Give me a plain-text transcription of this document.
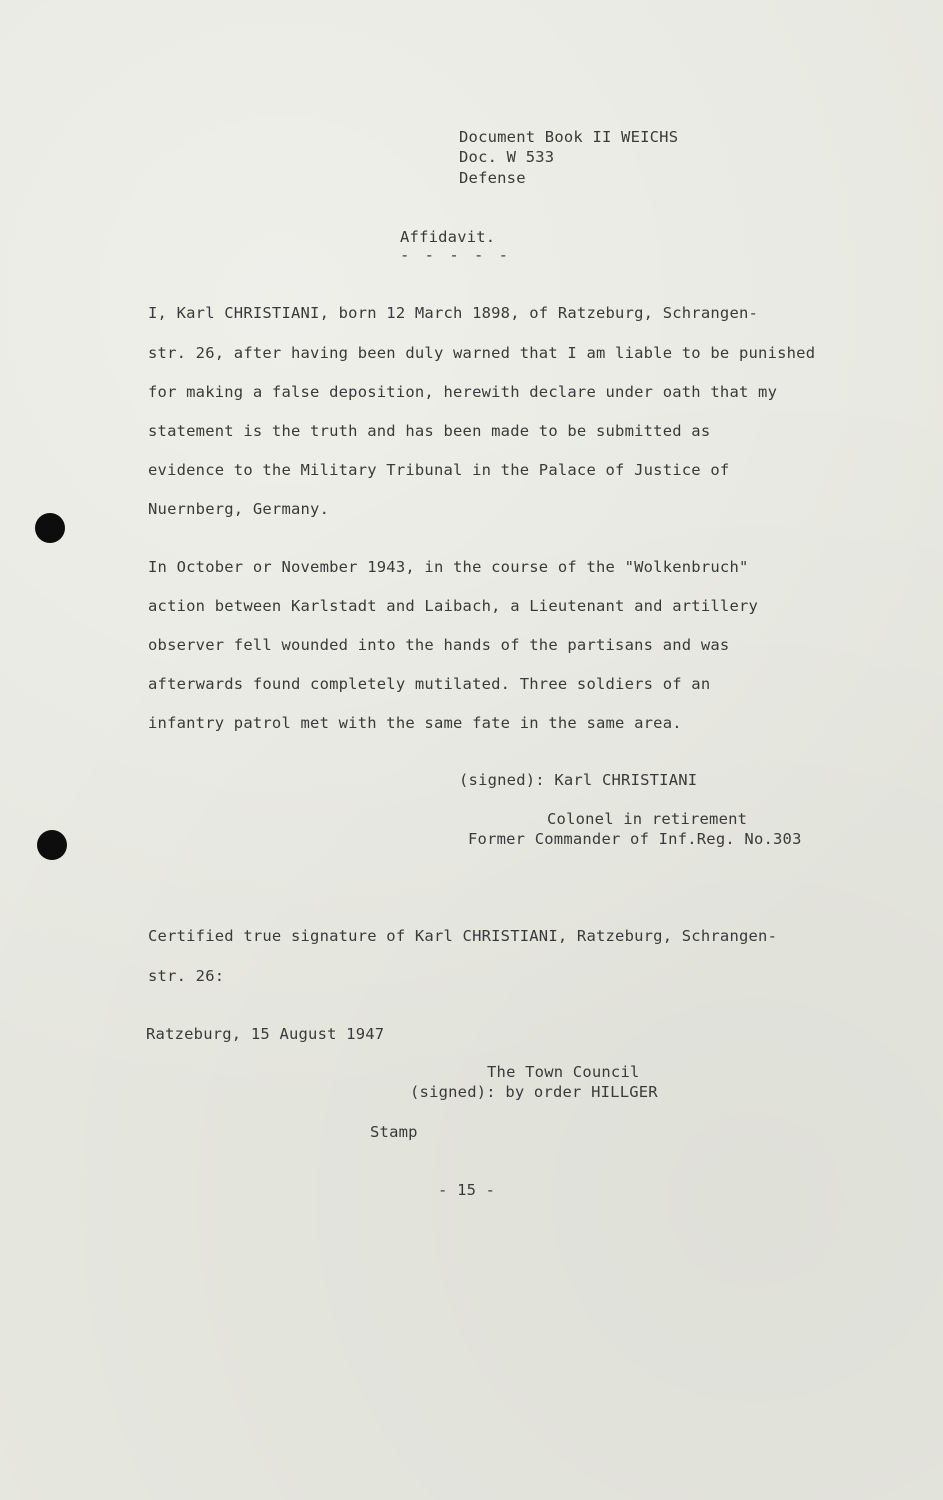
Document Book II WEICHS
Doc. W 533
Defense
Affidavit.
- - - - -
I, Karl CHRISTIANI, born 12 March 1898, of Ratzeburg, Schrangen-
str. 26, after having been duly warned that I am liable to be punished
for making a false deposition, herewith declare under oath that my
statement is the truth and has been made to be submitted as
evidence to the Military Tribunal in the Palace of Justice of
Nuernberg, Germany.
In October or November 1943, in the course of the "Wolkenbruch"
action between Karlstadt and Laibach, a Lieutenant and artillery
observer fell wounded into the hands of the partisans and was
afterwards found completely mutilated. Three soldiers of an
infantry patrol met with the same fate in the same area.
(signed): Karl CHRISTIANI
Colonel in retirement
Former Commander of Inf.Reg. No.303
Certified true signature of Karl CHRISTIANI, Ratzeburg, Schrangen-
str. 26:
Ratzeburg, 15 August 1947
The Town Council
(signed): by order HILLGER
Stamp
- 15 -
